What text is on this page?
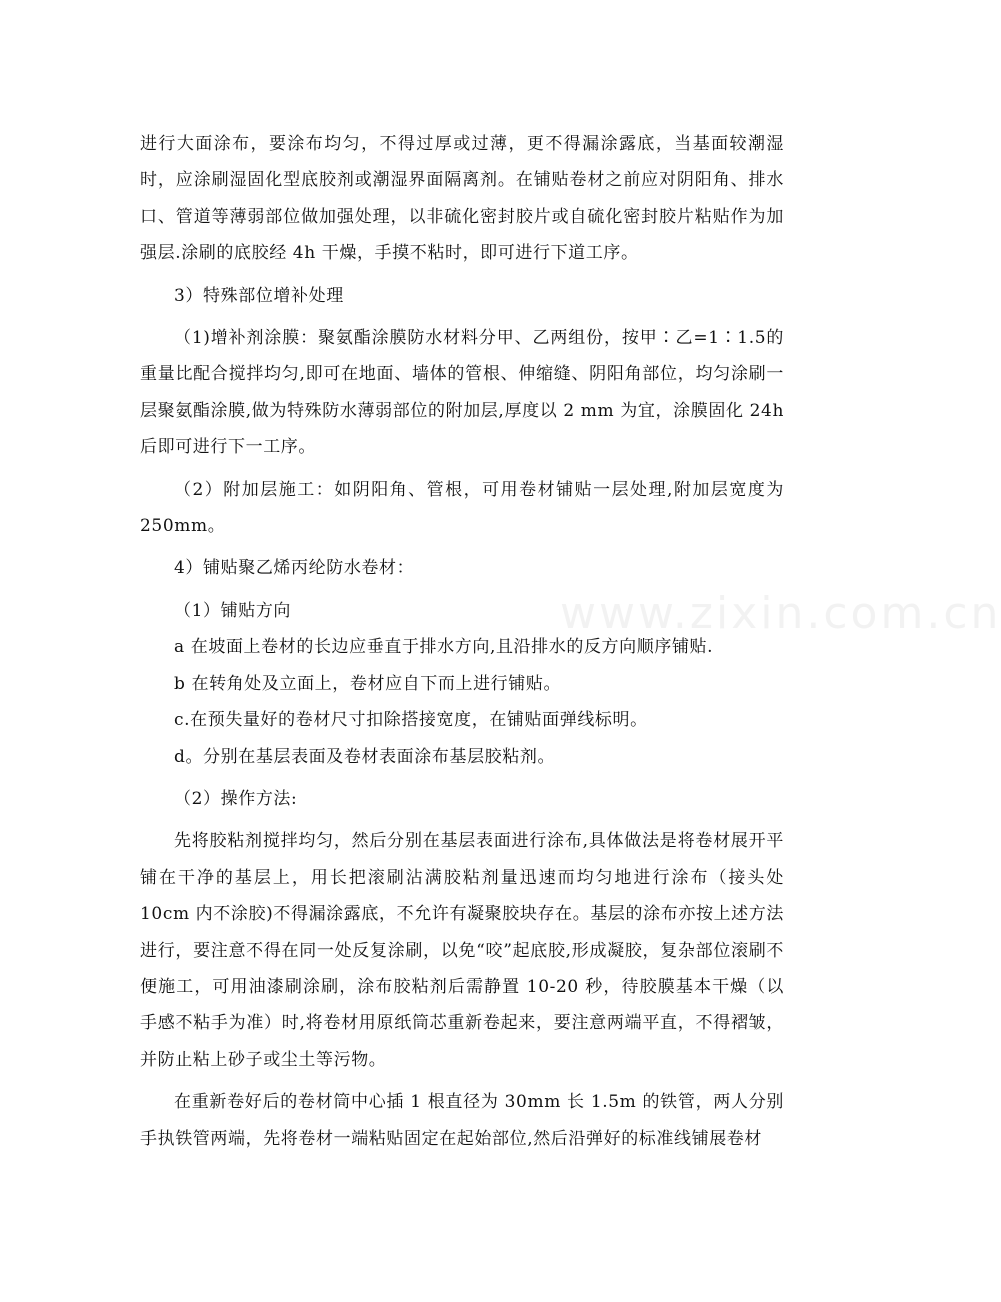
www.zixin.com.cn

进行大面涂布，要涂布均匀，不得过厚或过薄，更不得漏涂露底，当基面较潮湿时，应涂刷湿固化型底胶剂或潮湿界面隔离剂。在铺贴卷材之前应对阴阳角、排水口、管道等薄弱部位做加强处理，以非硫化密封胶片或自硫化密封胶片粘贴作为加强层.涂刷的底胶经 4h 干燥，手摸不粘时，即可进行下道工序。

3）特殊部位增补处理

（1)增补剂涂膜：聚氨酯涂膜防水材料分甲、乙两组份，按甲∶乙=1∶1.5的重量比配合搅拌均匀,即可在地面、墙体的管根、伸缩缝、阴阳角部位，均匀涂刷一层聚氨酯涂膜,做为特殊防水薄弱部位的附加层,厚度以 2 mm 为宜，涂膜固化 24h 后即可进行下一工序。

（2）附加层施工：如阴阳角、管根，可用卷材铺贴一层处理,附加层宽度为250mm。

4）铺贴聚乙烯丙纶防水卷材：

（1）铺贴方向

a 在坡面上卷材的长边应垂直于排水方向,且沿排水的反方向顺序铺贴.

b 在转角处及立面上，卷材应自下而上进行铺贴。

c.在预失量好的卷材尺寸扣除搭接宽度，在铺贴面弹线标明。

d。分别在基层表面及卷材表面涂布基层胶粘剂。

（2）操作方法:

先将胶粘剂搅拌均匀，然后分别在基层表面进行涂布,具体做法是将卷材展开平铺在干净的基层上，用长把滚刷沾满胶粘剂量迅速而均匀地进行涂布（接头处 10cm 内不涂胶)不得漏涂露底，不允许有凝聚胶块存在。基层的涂布亦按上述方法进行，要注意不得在同一处反复涂刷，以免“咬”起底胶,形成凝胶，复杂部位滚刷不便施工，可用油漆刷涂刷，涂布胶粘剂后需静置 10-20 秒，待胶膜基本干燥（以手感不粘手为准）时,将卷材用原纸筒芯重新卷起来，要注意两端平直，不得褶皱，并防止粘上砂子或尘土等污物。

在重新卷好后的卷材筒中心插 1 根直径为 30mm 长 1.5m 的铁管，两人分别手执铁管两端，先将卷材一端粘贴固定在起始部位,然后沿弹好的标准线铺展卷材
